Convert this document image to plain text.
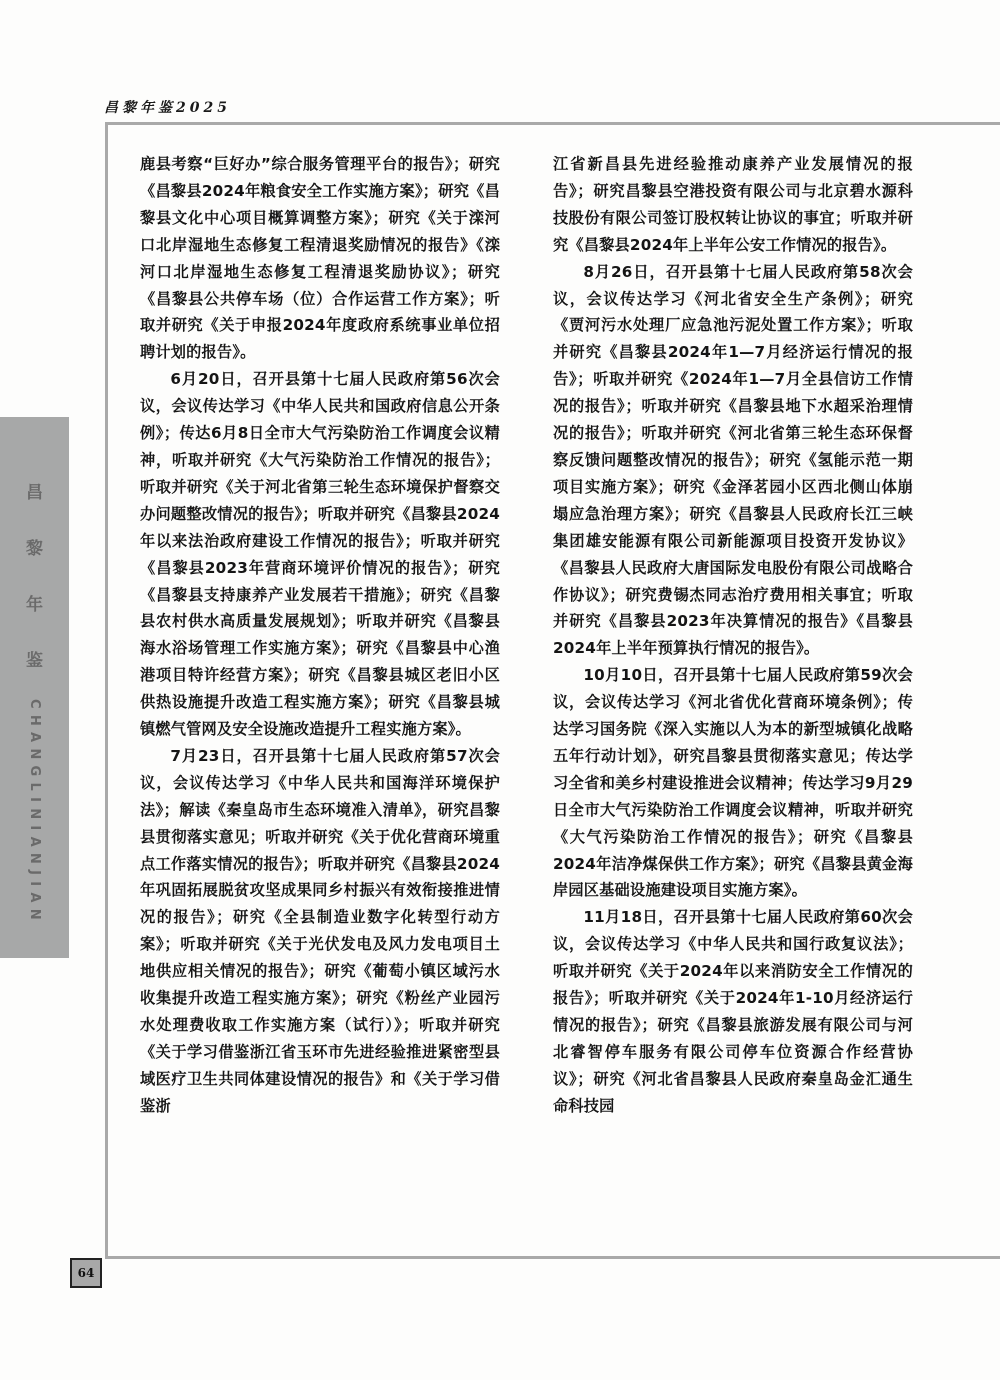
昌黎年鉴2025
昌
黎
年
鉴
CHANGLINIANJIAN

鹿县考察“巨好办”综合服务管理平台的报告》；研究《昌黎县2024年粮食安全工作实施方案》；研究《昌黎县文化中心项目概算调整方案》；研究《关于滦河口北岸湿地生态修复工程清退奖励情况的报告》《滦河口北岸湿地生态修复工程清退奖励协议》；研究《昌黎县公共停车场（位）合作运营工作方案》；听取并研究《关于申报2024年度政府系统事业单位招聘计划的报告》。

6月20日，召开县第十七届人民政府第56次会议，会议传达学习《中华人民共和国政府信息公开条例》；传达6月8日全市大气污染防治工作调度会议精神，听取并研究《大气污染防治工作情况的报告》；听取并研究《关于河北省第三轮生态环境保护督察交办问题整改情况的报告》；听取并研究《昌黎县2024年以来法治政府建设工作情况的报告》；听取并研究《昌黎县2023年营商环境评价情况的报告》；研究《昌黎县支持康养产业发展若干措施》；研究《昌黎县农村供水高质量发展规划》；听取并研究《昌黎县海水浴场管理工作实施方案》；研究《昌黎县中心渔港项目特许经营方案》；研究《昌黎县城区老旧小区供热设施提升改造工程实施方案》；研究《昌黎县城镇燃气管网及安全设施改造提升工程实施方案》。

7月23日，召开县第十七届人民政府第57次会议，会议传达学习《中华人民共和国海洋环境保护法》；解读《秦皇岛市生态环境准入清单》，研究昌黎县贯彻落实意见；听取并研究《关于优化营商环境重点工作落实情况的报告》；听取并研究《昌黎县2024年巩固拓展脱贫攻坚成果同乡村振兴有效衔接推进情况的报告》；研究《全县制造业数字化转型行动方案》；听取并研究《关于光伏发电及风力发电项目土地供应相关情况的报告》；研究《葡萄小镇区域污水收集提升改造工程实施方案》；研究《粉丝产业园污水处理费收取工作实施方案（试行）》；听取并研究《关于学习借鉴浙江省玉环市先进经验推进紧密型县域医疗卫生共同体建设情况的报告》和《关于学习借鉴浙

江省新昌县先进经验推动康养产业发展情况的报告》；研究昌黎县空港投资有限公司与北京碧水源科技股份有限公司签订股权转让协议的事宜；听取并研究《昌黎县2024年上半年公安工作情况的报告》。

8月26日，召开县第十七届人民政府第58次会议，会议传达学习《河北省安全生产条例》；研究《贾河污水处理厂应急池污泥处置工作方案》；听取并研究《昌黎县2024年1—7月经济运行情况的报告》；听取并研究《2024年1—7月全县信访工作情况的报告》；听取并研究《昌黎县地下水超采治理情况的报告》；听取并研究《河北省第三轮生态环保督察反馈问题整改情况的报告》；研究《氢能示范一期项目实施方案》；研究《金泽茗园小区西北侧山体崩塌应急治理方案》；研究《昌黎县人民政府长江三峡集团雄安能源有限公司新能源项目投资开发协议》《昌黎县人民政府大唐国际发电股份有限公司战略合作协议》；研究费锡杰同志治疗费用相关事宜；听取并研究《昌黎县2023年决算情况的报告》《昌黎县2024年上半年预算执行情况的报告》。

10月10日，召开县第十七届人民政府第59次会议，会议传达学习《河北省优化营商环境条例》；传达学习国务院《深入实施以人为本的新型城镇化战略五年行动计划》，研究昌黎县贯彻落实意见；传达学习全省和美乡村建设推进会议精神；传达学习9月29日全市大气污染防治工作调度会议精神，听取并研究《大气污染防治工作情况的报告》；研究《昌黎县2024年洁净煤保供工作方案》；研究《昌黎县黄金海岸园区基础设施建设项目实施方案》。

11月18日，召开县第十七届人民政府第60次会议，会议传达学习《中华人民共和国行政复议法》；听取并研究《关于2024年以来消防安全工作情况的报告》；听取并研究《关于2024年1-10月经济运行情况的报告》；研究《昌黎县旅游发展有限公司与河北睿智停车服务有限公司停车位资源合作经营协议》；研究《河北省昌黎县人民政府秦皇岛金汇通生命科技园

64
